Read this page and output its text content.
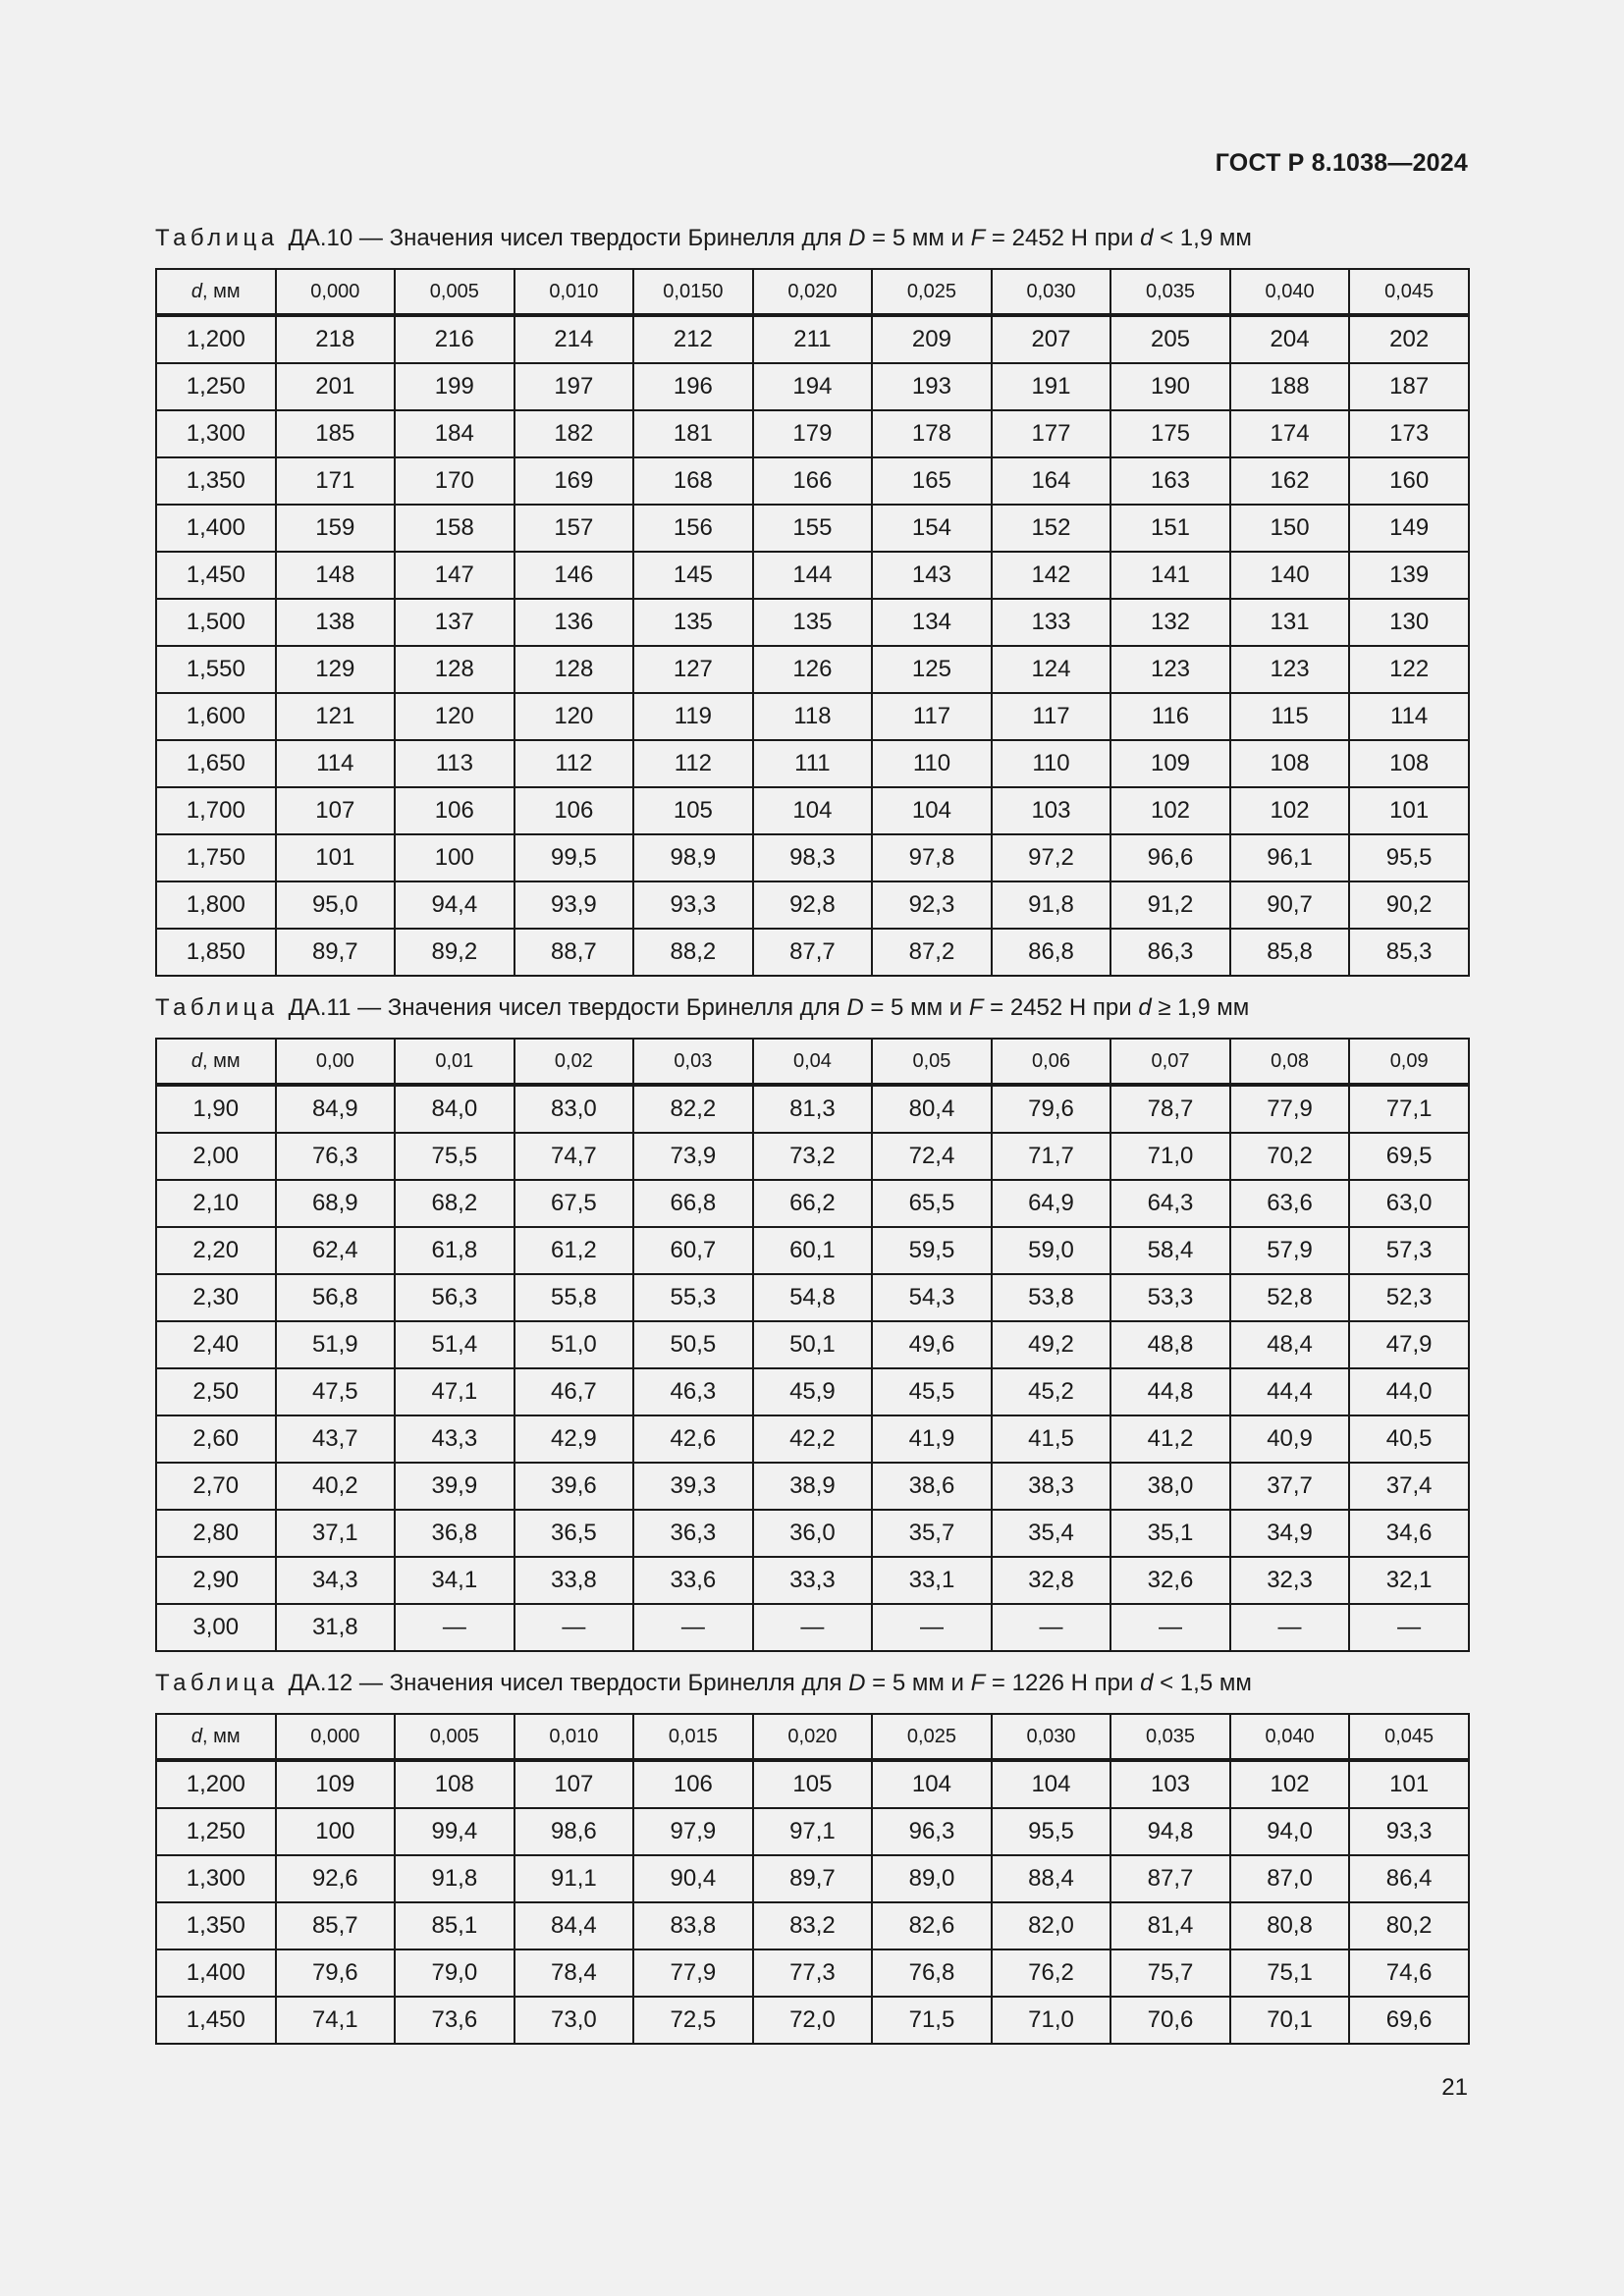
ГОСТ Р 8.1038—2024
Таблица ДА.10 — Значения чисел твердости Бринелля для D = 5 мм и F = 2452 Н при d < 1,9 мм
d, мм	0,000	0,005	0,010	0,0150	0,020	0,025	0,030	0,035	0,040	0,045
1,200	218	216	214	212	211	209	207	205	204	202
1,250	201	199	197	196	194	193	191	190	188	187
1,300	185	184	182	181	179	178	177	175	174	173
1,350	171	170	169	168	166	165	164	163	162	160
1,400	159	158	157	156	155	154	152	151	150	149
1,450	148	147	146	145	144	143	142	141	140	139
1,500	138	137	136	135	135	134	133	132	131	130
1,550	129	128	128	127	126	125	124	123	123	122
1,600	121	120	120	119	118	117	117	116	115	114
1,650	114	113	112	112	111	110	110	109	108	108
1,700	107	106	106	105	104	104	103	102	102	101
1,750	101	100	99,5	98,9	98,3	97,8	97,2	96,6	96,1	95,5
1,800	95,0	94,4	93,9	93,3	92,8	92,3	91,8	91,2	90,7	90,2
1,850	89,7	89,2	88,7	88,2	87,7	87,2	86,8	86,3	85,8	85,3
Таблица ДА.11 — Значения чисел твердости Бринелля для D = 5 мм и F = 2452 Н при d ≥ 1,9 мм
d, мм	0,00	0,01	0,02	0,03	0,04	0,05	0,06	0,07	0,08	0,09
1,90	84,9	84,0	83,0	82,2	81,3	80,4	79,6	78,7	77,9	77,1
2,00	76,3	75,5	74,7	73,9	73,2	72,4	71,7	71,0	70,2	69,5
2,10	68,9	68,2	67,5	66,8	66,2	65,5	64,9	64,3	63,6	63,0
2,20	62,4	61,8	61,2	60,7	60,1	59,5	59,0	58,4	57,9	57,3
2,30	56,8	56,3	55,8	55,3	54,8	54,3	53,8	53,3	52,8	52,3
2,40	51,9	51,4	51,0	50,5	50,1	49,6	49,2	48,8	48,4	47,9
2,50	47,5	47,1	46,7	46,3	45,9	45,5	45,2	44,8	44,4	44,0
2,60	43,7	43,3	42,9	42,6	42,2	41,9	41,5	41,2	40,9	40,5
2,70	40,2	39,9	39,6	39,3	38,9	38,6	38,3	38,0	37,7	37,4
2,80	37,1	36,8	36,5	36,3	36,0	35,7	35,4	35,1	34,9	34,6
2,90	34,3	34,1	33,8	33,6	33,3	33,1	32,8	32,6	32,3	32,1
3,00	31,8	—	—	—	—	—	—	—	—	—
Таблица ДА.12 — Значения чисел твердости Бринелля для D = 5 мм и F = 1226 Н при d < 1,5 мм
d, мм	0,000	0,005	0,010	0,015	0,020	0,025	0,030	0,035	0,040	0,045
1,200	109	108	107	106	105	104	104	103	102	101
1,250	100	99,4	98,6	97,9	97,1	96,3	95,5	94,8	94,0	93,3
1,300	92,6	91,8	91,1	90,4	89,7	89,0	88,4	87,7	87,0	86,4
1,350	85,7	85,1	84,4	83,8	83,2	82,6	82,0	81,4	80,8	80,2
1,400	79,6	79,0	78,4	77,9	77,3	76,8	76,2	75,7	75,1	74,6
1,450	74,1	73,6	73,0	72,5	72,0	71,5	71,0	70,6	70,1	69,6
21
